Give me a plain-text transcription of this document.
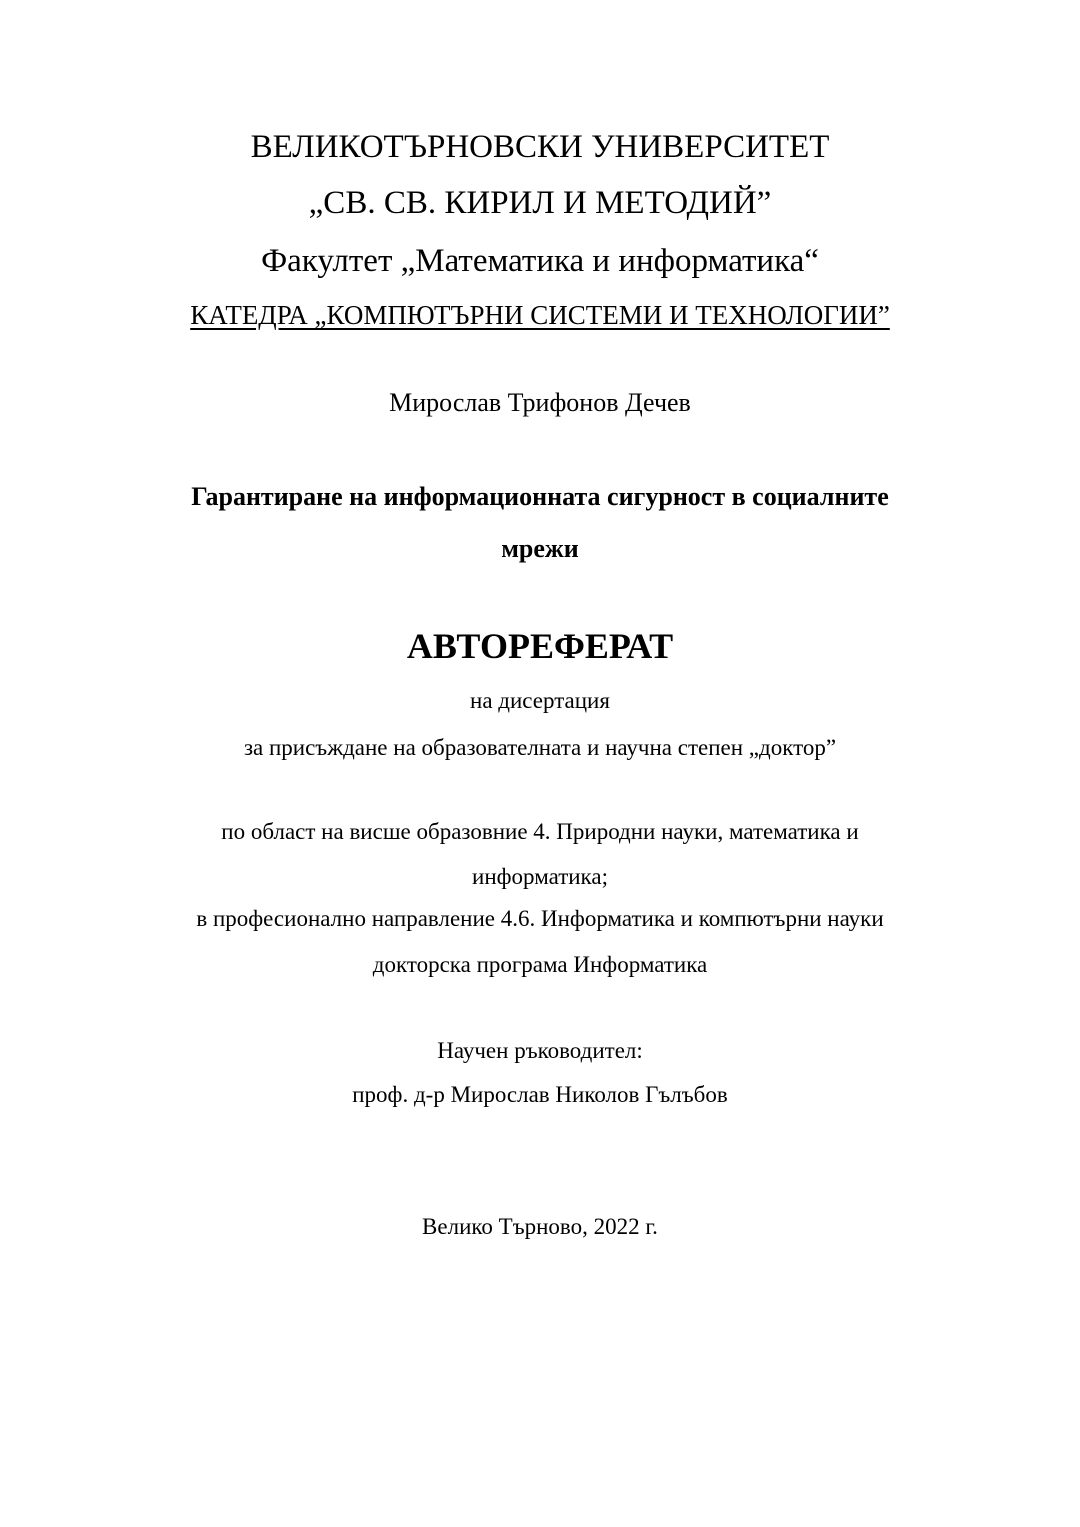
ВЕЛИКОТЪРНОВСКИ УНИВЕРСИТЕТ
„СВ. СВ. КИРИЛ И МЕТОДИЙ”
Факултет „Математика и информатика“
КАТЕДРА „КОМПЮТЪРНИ СИСТЕМИ И ТЕХНОЛОГИИ”
Мирослав Трифонов Дечев
Гарантиране на информационната сигурност в социалните
мрежи
АВТОРЕФЕРАТ
на дисертация
за присъждане на образователната и научна степен „доктор”
по област на висше образовние 4. Природни науки, математика и
информатика;
в професионално направление 4.6. Информатика и компютърни науки
докторска програма Информатика
Научен ръководител:
проф. д-р Мирослав Николов Гълъбов
Велико Търново, 2022 г.
